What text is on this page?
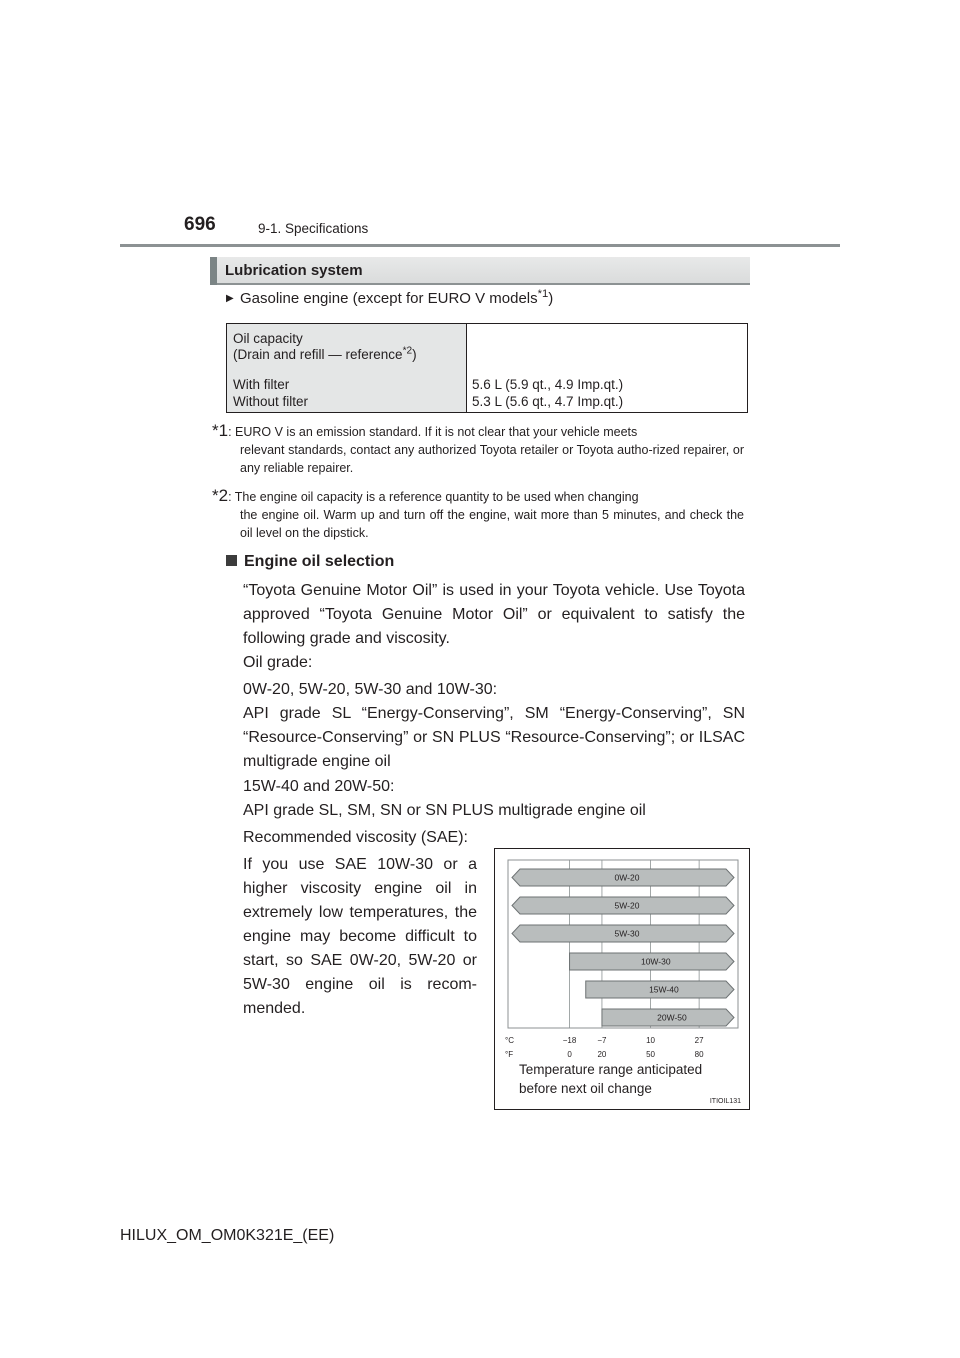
696	9-1. Specifications
Lubrication system
▶ Gasoline engine (except for EURO V models$^{*1}$)
Oil capacity
(Drain and refill — reference$^{*2}$)
With filter
Without filter
5.6 L (5.9 qt., 4.9 Imp.qt.)
5.3 L (5.6 qt., 4.7 Imp.qt.)
*1: EURO V is an emission standard. If it is not clear that your vehicle meets
relevant standards, contact any authorized Toyota retailer or Toyota autho-rized repairer, or any reliable repairer.
*2: The engine oil capacity is a reference quantity to be used when changing
the engine oil. Warm up and turn off the engine, wait more than 5 minutes, and check the oil level on the dipstick.
Engine oil selection
“Toyota Genuine Motor Oil” is used in your Toyota vehicle. Use Toyota approved “Toyota Genuine Motor Oil” or equivalent to satisfy the following grade and viscosity.
Oil grade:
0W-20, 5W-20, 5W-30 and 10W-30:
API grade SL “Energy-Conserving”, SM “Energy-Conserving”, SN “Resource-Conserving” or SN PLUS “Resource-Conserving”; or ILSAC multigrade engine oil
15W-40 and 20W-50:
API grade SL, SM, SN or SN PLUS multigrade engine oil
Recommended viscosity (SAE):
If you use SAE 10W-30 or a higher viscosity engine oil in extremely low temperatures, the engine may become difficult to start, so SAE 0W-20, 5W-20 or 5W-30 engine oil is recom-mended.
0W-20
5W-20
5W-30
10W-30
15W-40
20W-50
−18
0
−7
20
10
50
27
80
°C
°F
Temperature range anticipated
before next oil change
ITIOIL131
HILUX_OM_OM0K321E_(EE)
